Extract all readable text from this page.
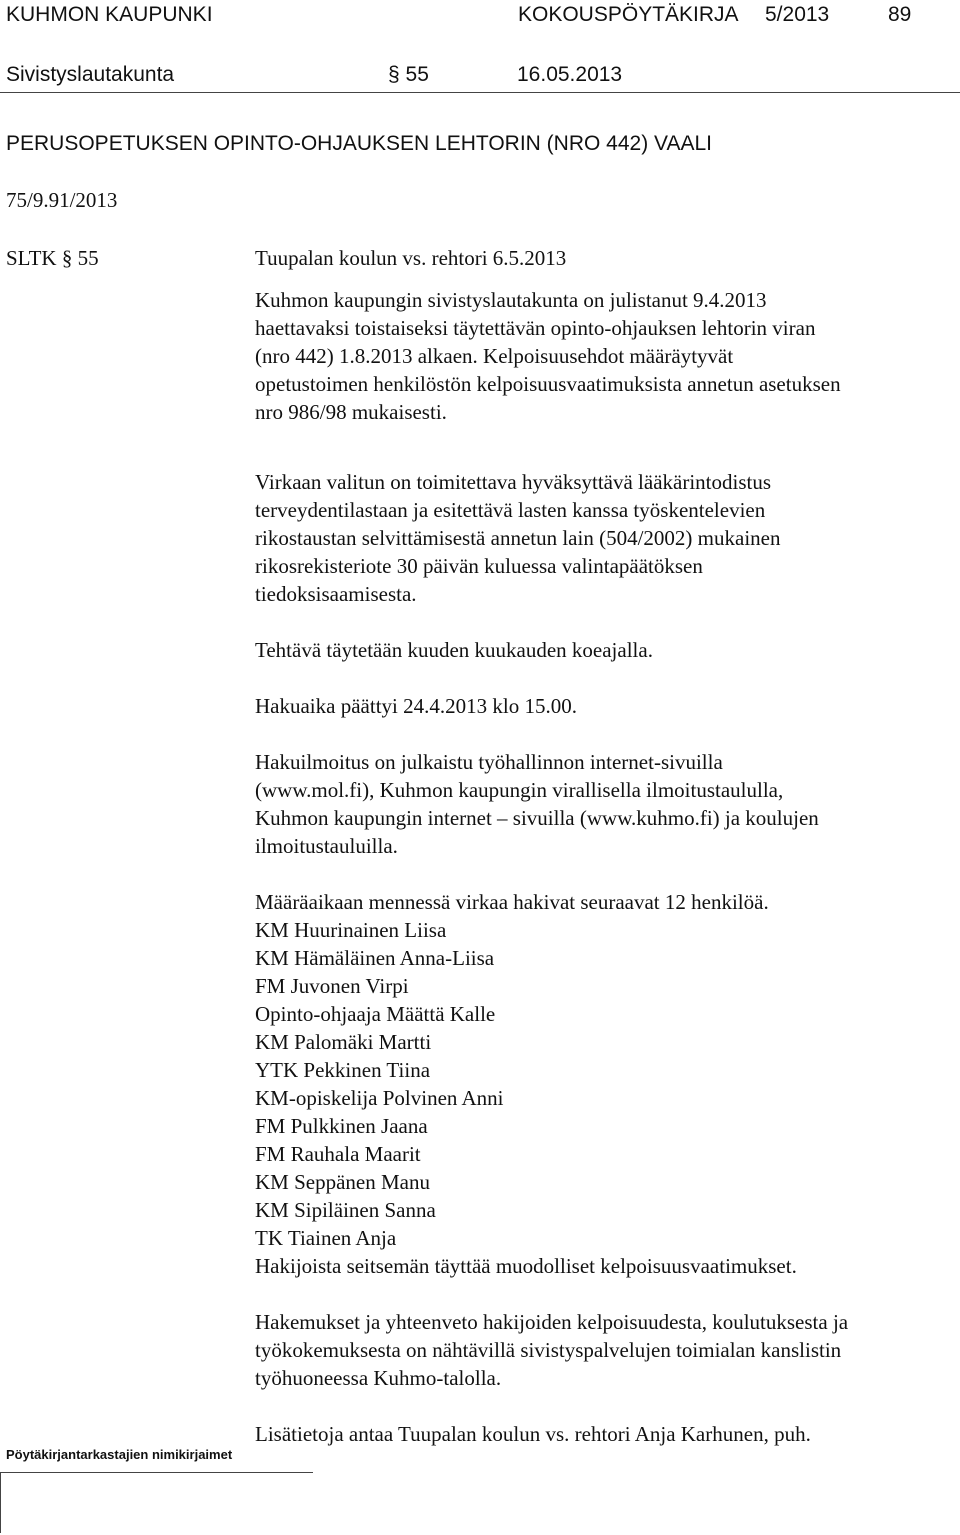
KUHMON KAUPUNKI	KOKOUSPÖYTÄKIRJA 5/2013	89
Sivistyslautakunta	§ 55	16.05.2013
PERUSOPETUKSEN OPINTO-OHJAUKSEN LEHTORIN (NRO 442) VAALI
75/9.91/2013
SLTK § 55	Tuupalan koulun vs. rehtori 6.5.2013
Kuhmon kaupungin sivistyslautakunta on julistanut 9.4.2013
haettavaksi toistaiseksi täytettävän opinto-ohjauksen lehtorin viran
(nro 442) 1.8.2013 alkaen. Kelpoisuusehdot määräytyvät
opetustoimen henkilöstön kelpoisuusvaatimuksista annetun asetuksen
nro 986/98 mukaisesti.
Virkaan valitun on toimitettava hyväksyttävä lääkärintodistus
terveydentilastaan ja esitettävä lasten kanssa työskentelevien
rikostaustan selvittämisestä annetun lain (504/2002) mukainen
rikosrekisteriote 30 päivän kuluessa valintapäätöksen
tiedoksisaamisesta.
Tehtävä täytetään kuuden kuukauden koeajalla.
Hakuaika päättyi 24.4.2013 klo 15.00.
Hakuilmoitus on julkaistu työhallinnon internet-sivuilla
(www.mol.fi), Kuhmon kaupungin virallisella ilmoitustaululla,
Kuhmon kaupungin internet – sivuilla (www.kuhmo.fi) ja koulujen
ilmoitustauluilla.
Määräaikaan mennessä virkaa hakivat seuraavat 12 henkilöä.
KM Huurinainen Liisa
KM Hämäläinen Anna-Liisa
FM Juvonen Virpi
Opinto-ohjaaja Määttä Kalle
KM Palomäki Martti
YTK Pekkinen Tiina
KM-opiskelija Polvinen Anni
FM Pulkkinen Jaana
FM Rauhala Maarit
KM Seppänen Manu
KM Sipiläinen Sanna
TK Tiainen Anja
Hakijoista seitsemän täyttää muodolliset kelpoisuusvaatimukset.
Hakemukset ja yhteenveto hakijoiden kelpoisuudesta, koulutuksesta ja
työkokemuksesta on nähtävillä sivistyspalvelujen toimialan kanslistin
työhuoneessa Kuhmo-talolla.
Lisätietoja antaa Tuupalan koulun vs. rehtori Anja Karhunen, puh.
Pöytäkirjantarkastajien nimikirjaimet
